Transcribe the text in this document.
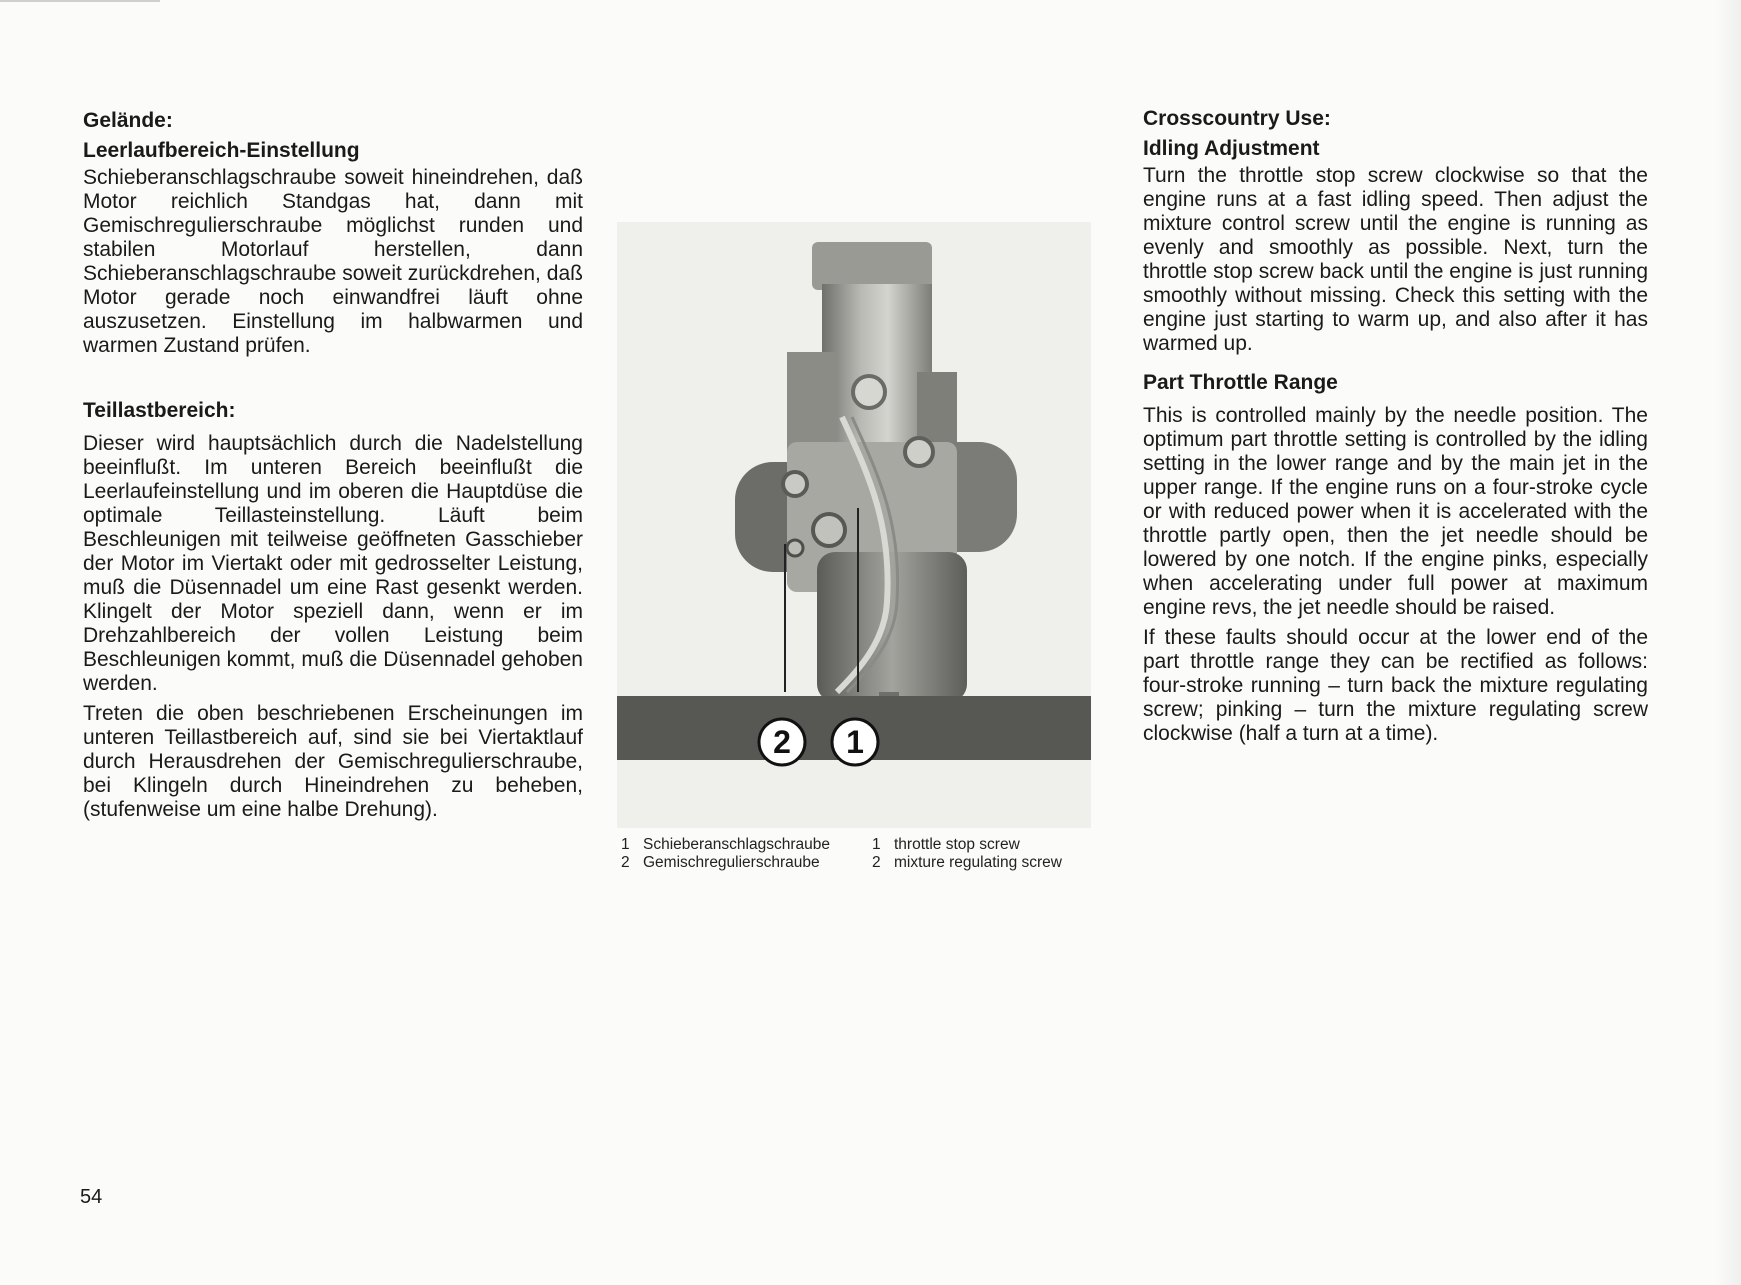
Gelände:
Leerlaufbereich-Einstellung

Schieberanschlagschraube soweit hineindrehen, daß Motor reichlich Standgas hat, dann mit Gemischregulierschraube möglichst runden und stabilen Motorlauf herstellen, dann Schieberanschlagschraube soweit zurückdrehen, daß Motor gerade noch einwandfrei läuft ohne auszusetzen. Einstellung im halbwarmen und warmen Zustand prüfen.

Teillastbereich:

Dieser wird hauptsächlich durch die Nadelstellung beeinflußt. Im unteren Bereich beeinflußt die Leerlaufeinstellung und im oberen die Hauptdüse die optimale Teillasteinstellung. Läuft beim Beschleunigen mit teilweise geöffneten Gasschieber der Motor im Viertakt oder mit gedrosselter Leistung, muß die Düsennadel um eine Rast gesenkt werden. Klingelt der Motor speziell dann, wenn er im Drehzahlbereich der vollen Leistung beim Beschleunigen kommt, muß die Düsennadel gehoben werden.

Treten die oben beschriebenen Erscheinungen im unteren Teillastbereich auf, sind sie bei Viertaktlauf durch Herausdrehen der Gemischregulierschraube, bei Klingeln durch Hineindrehen zu beheben, (stufenweise um eine halbe Drehung).

2 1
1 Schieberanschlagschraube
2 Gemischregulierschraube
1 throttle stop screw
2 mixture regulating screw
Crosscountry Use:
Idling Adjustment

Turn the throttle stop screw clockwise so that the engine runs at a fast idling speed. Then adjust the mixture control screw until the engine is running as evenly and smoothly as possible. Next, turn the throttle stop screw back until the engine is just running smoothly without missing. Check this setting with the engine just starting to warm up, and also after it has warmed up.

Part Throttle Range

This is controlled mainly by the needle position. The optimum part throttle setting is controlled by the idling setting in the lower range and by the main jet in the upper range. If the engine runs on a four-stroke cycle or with reduced power when it is accelerated with the throttle partly open, then the jet needle should be lowered by one notch. If the engine pinks, especially when accelerating under full power at maximum engine revs, the jet needle should be raised.

If these faults should occur at the lower end of the part throttle range they can be rectified as follows: four-stroke running – turn back the mixture regulating screw; pinking – turn the mixture regulating screw clockwise (half a turn at a time).

54
